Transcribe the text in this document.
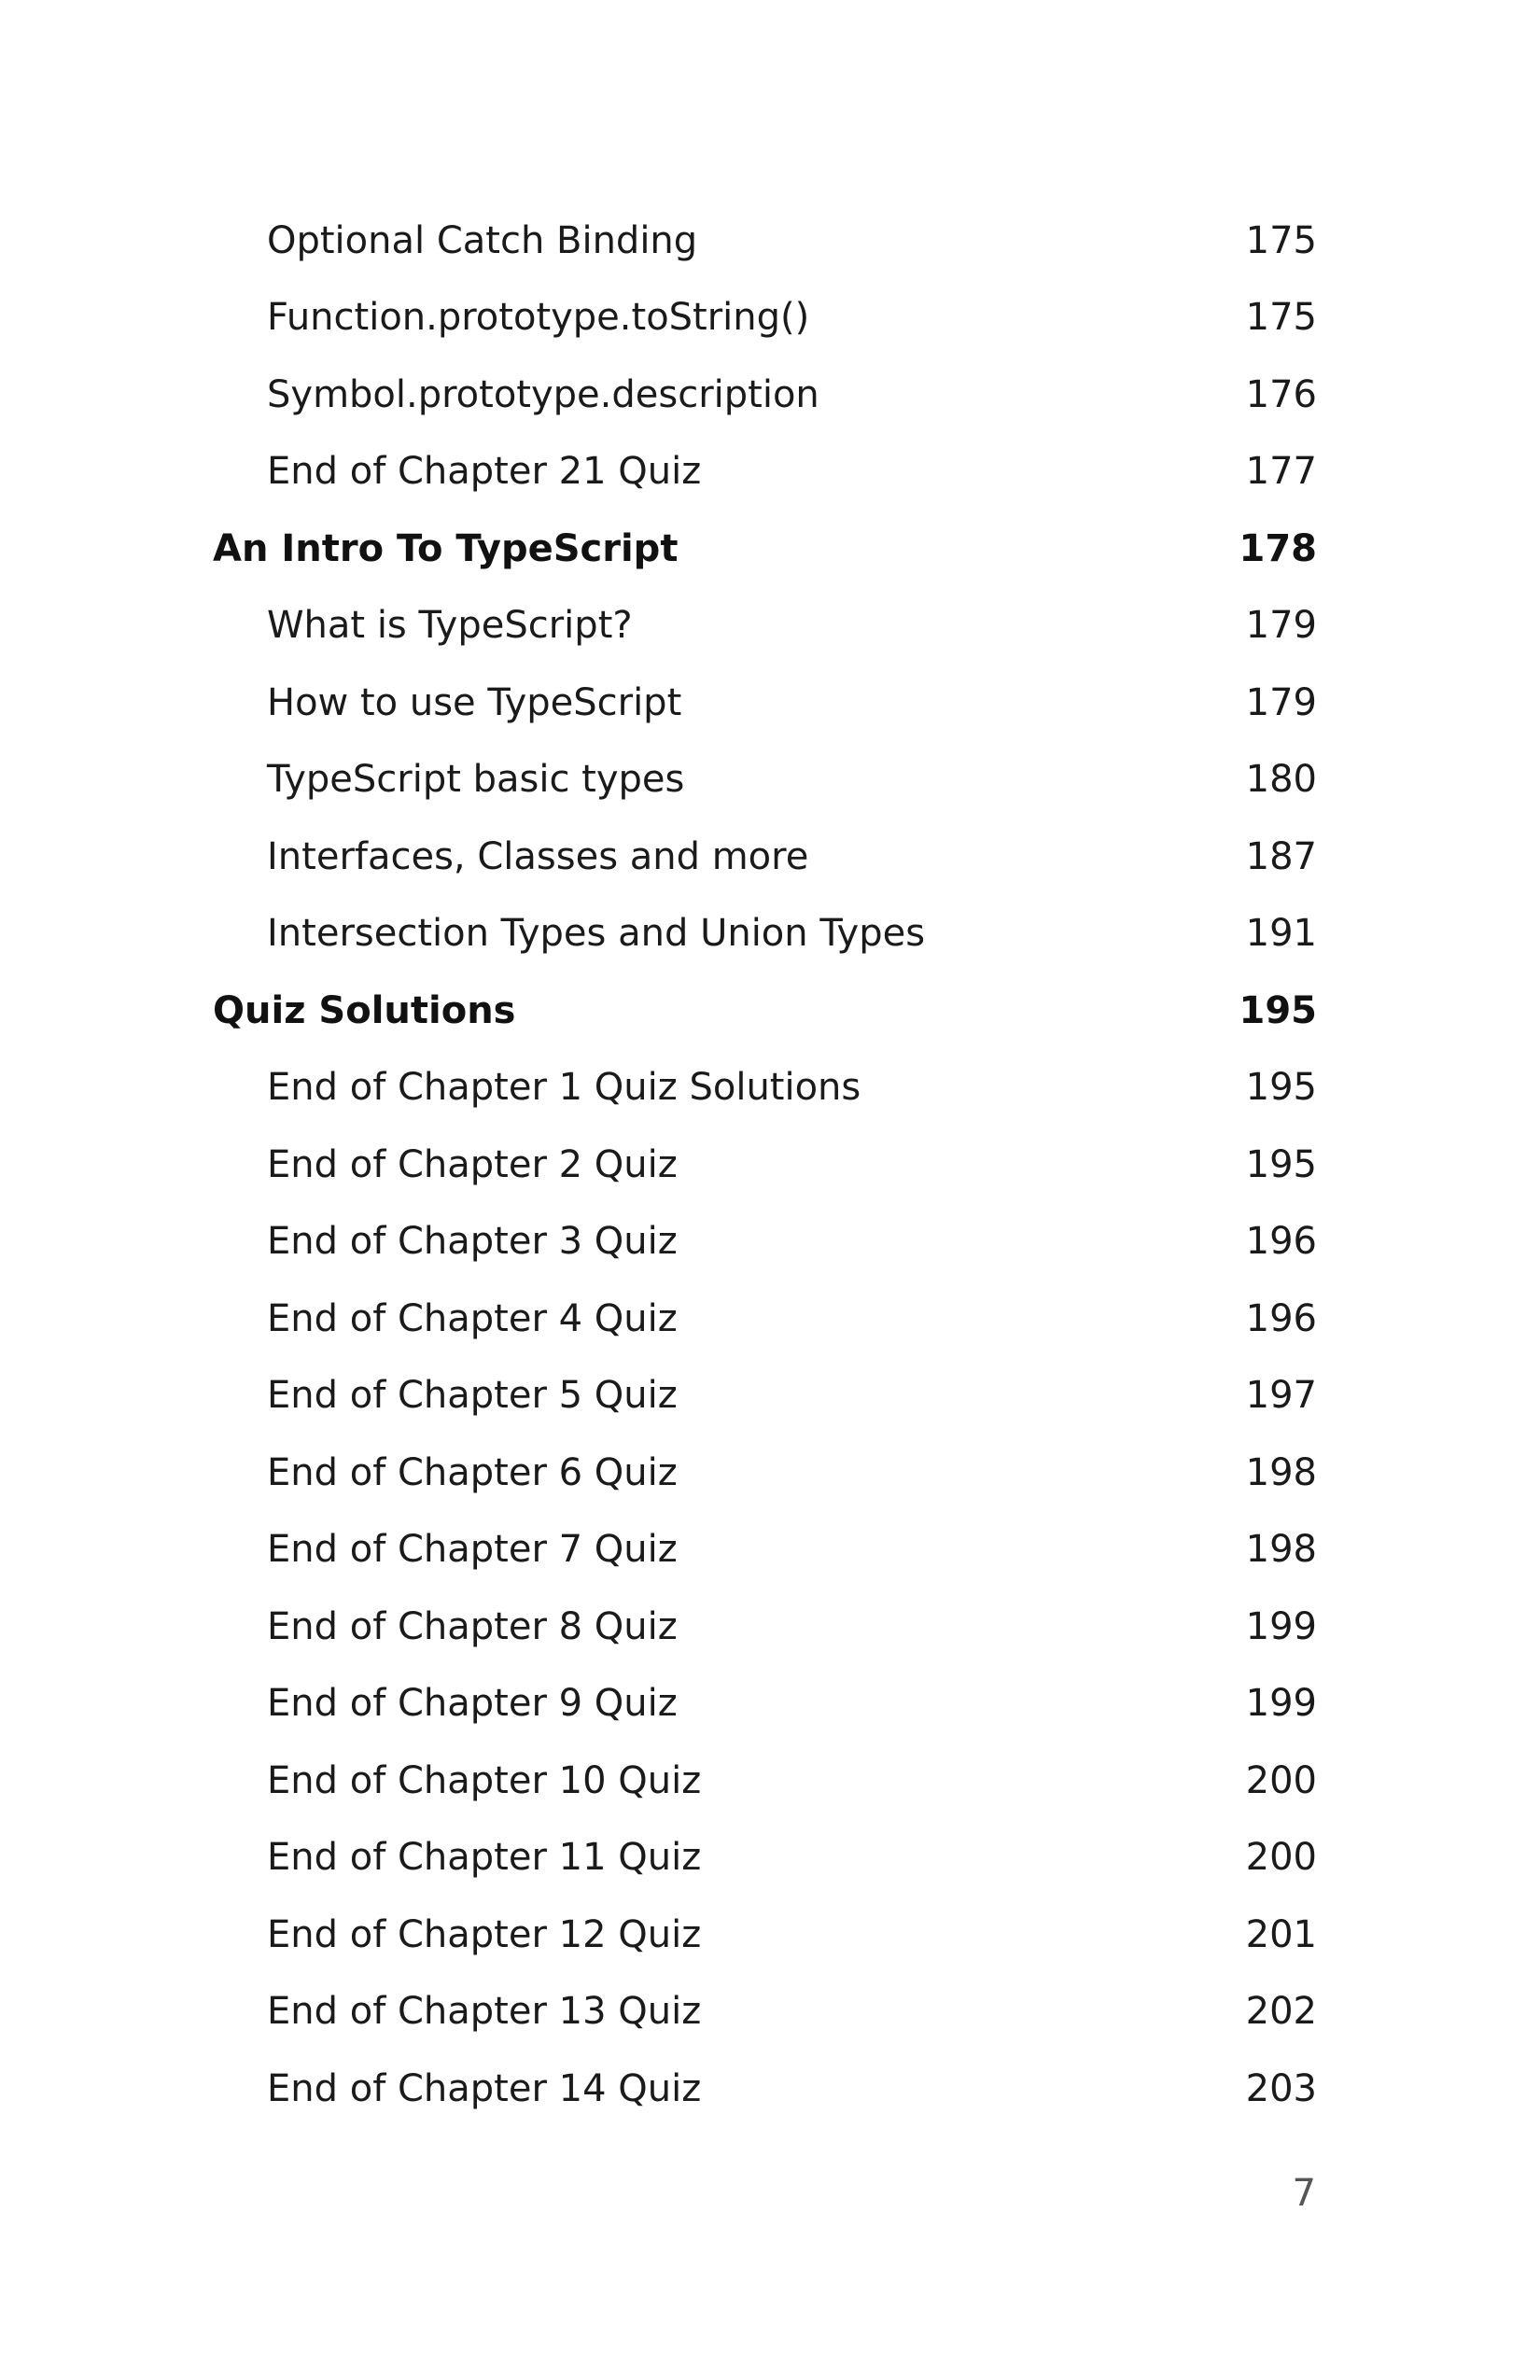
Optional Catch Binding	175
Function.prototype.toString()	175
Symbol.prototype.description	176
End of Chapter 21 Quiz	177
An Intro To TypeScript	178
What is TypeScript?	179
How to use TypeScript	179
TypeScript basic types	180
Interfaces, Classes and more	187
Intersection Types and Union Types	191
Quiz Solutions	195
End of Chapter 1 Quiz Solutions	195
End of Chapter 2 Quiz	195
End of Chapter 3 Quiz	196
End of Chapter 4 Quiz	196
End of Chapter 5 Quiz	197
End of Chapter 6 Quiz	198
End of Chapter 7 Quiz	198
End of Chapter 8 Quiz	199
End of Chapter 9 Quiz	199
End of Chapter 10 Quiz	200
End of Chapter 11 Quiz	200
End of Chapter 12 Quiz	201
End of Chapter 13 Quiz	202
End of Chapter 14 Quiz	203
7
